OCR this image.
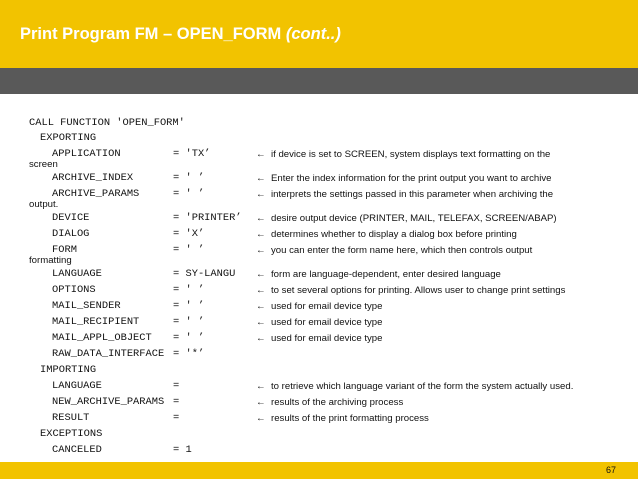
Print Program FM – OPEN_FORM (cont..)
CALL FUNCTION 'OPEN_FORM'
EXPORTING
APPLICATION	= 'TX’	← if device is set to SCREEN, system displays text formatting on the
screen
ARCHIVE_INDEX	= ' ’	← Enter the index information for the print output you want to archive
ARCHIVE_PARAMS	= ' ’	← interprets the settings passed in this parameter when archiving the
output.
DEVICE	= 'PRINTER’ ← desire output device (PRINTER, MAIL, TELEFAX, SCREEN/ABAP)
DIALOG	= 'X’	← determines whether to display a dialog box before printing
FORM	= ' ’	← you can enter the form name here, which then controls output
formatting
LANGUAGE	= SY-LANGU ← form are language-dependent, enter desired language
OPTIONS	= ' ’	← to set several options for printing. Allows user to change print settings
MAIL_SENDER	= ' ’	← used for email device type
MAIL_RECIPIENT	= ' ’	← used for email device type
MAIL_APPL_OBJECT = ' ’	← used for email device type
RAW_DATA_INTERFACE = '*’
IMPORTING
LANGUAGE	=	← to retrieve which language variant of the form the system actually used.
NEW_ARCHIVE_PARAMS =	← results of the archiving process
RESULT	=	← results of the print formatting process
EXCEPTIONS
CANCELED	= 1
67
